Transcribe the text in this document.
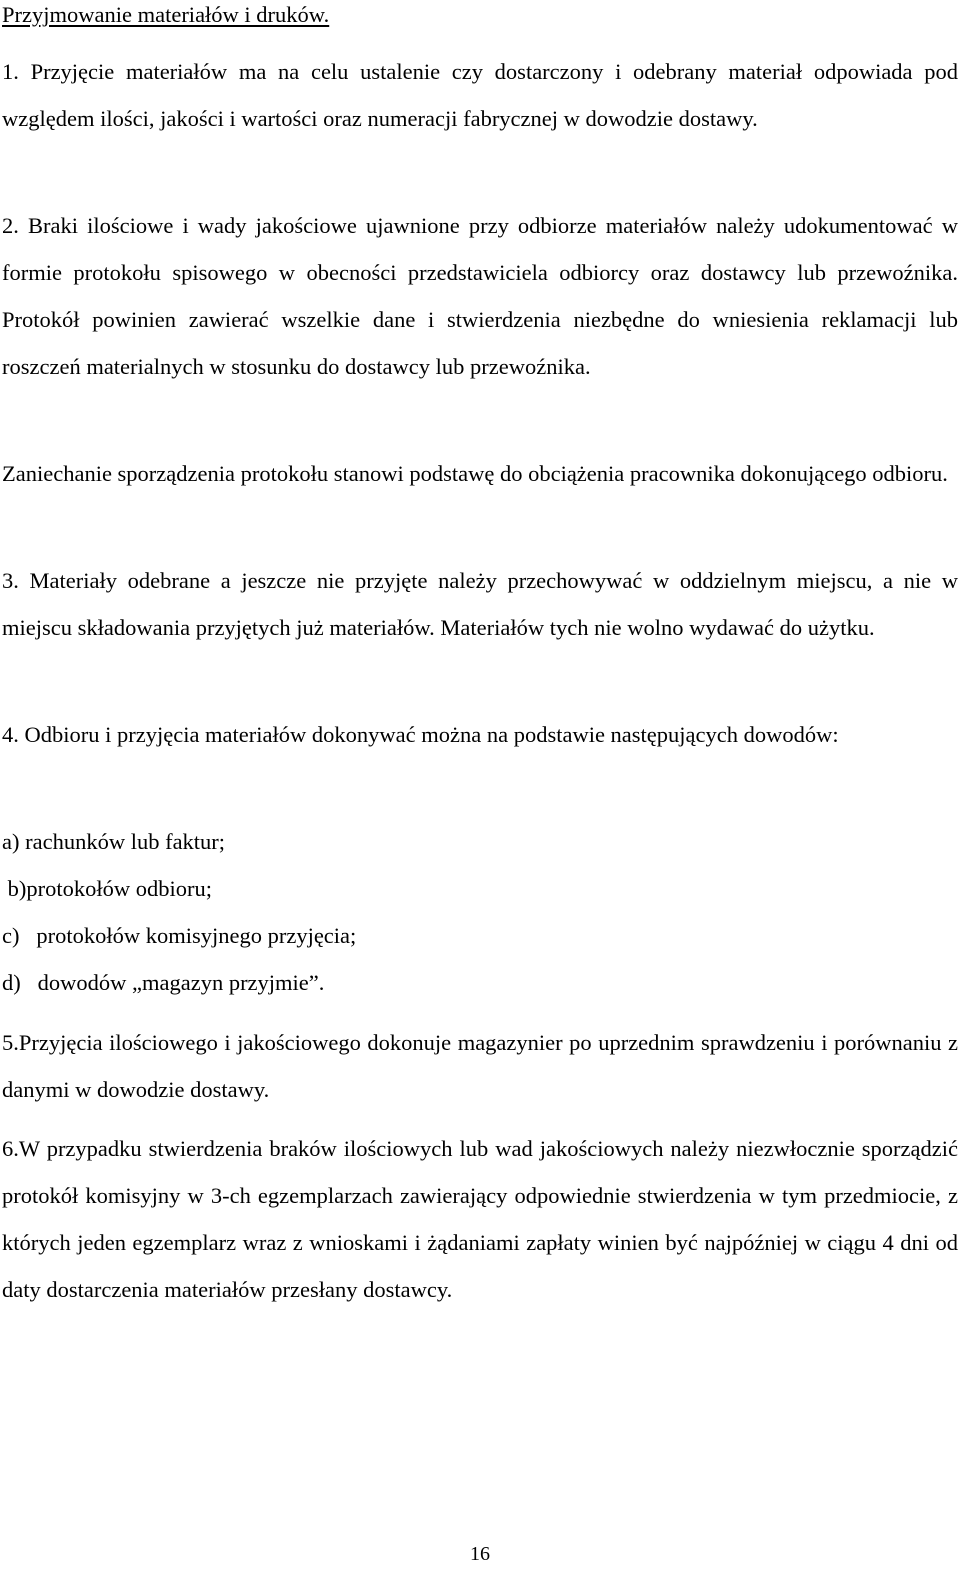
Przyjmowanie materiałów i druków.

1. Przyjęcie materiałów ma na celu ustalenie czy dostarczony i odebrany materiał odpowiada pod względem ilości, jakości i wartości oraz numeracji fabrycznej w dowodzie dostawy.

2. Braki ilościowe i wady jakościowe ujawnione przy odbiorze materiałów należy udokumentować w formie protokołu spisowego w obecności przedstawiciela odbiorcy oraz dostawcy lub przewoźnika. Protokół powinien zawierać wszelkie dane i stwierdzenia niezbędne do wniesienia reklamacji lub roszczeń materialnych w stosunku do dostawcy lub przewoźnika.

Zaniechanie sporządzenia protokołu stanowi podstawę do obciążenia pracownika dokonującego odbioru.

3. Materiały odebrane a jeszcze nie przyjęte należy przechowywać w oddzielnym miejscu, a nie w miejscu składowania przyjętych już materiałów. Materiałów tych nie wolno wydawać do użytku.

4. Odbioru i przyjęcia materiałów dokonywać można na podstawie następujących dowodów:

a) rachunków lub faktur;
b)protokołów odbioru;
c)   protokołów komisyjnego przyjęcia;
d)   dowodów „magazyn przyjmie”.

5.Przyjęcia ilościowego i jakościowego dokonuje magazynier po uprzednim sprawdzeniu i porównaniu z danymi w dowodzie dostawy.

6.W przypadku stwierdzenia braków ilościowych lub wad jakościowych należy niezwłocznie sporządzić protokół komisyjny w 3-ch egzemplarzach zawierający odpowiednie stwierdzenia w tym przedmiocie, z których jeden egzemplarz wraz z wnioskami i żądaniami zapłaty winien być najpóźniej w ciągu 4 dni od daty dostarczenia materiałów przesłany dostawcy.

16
